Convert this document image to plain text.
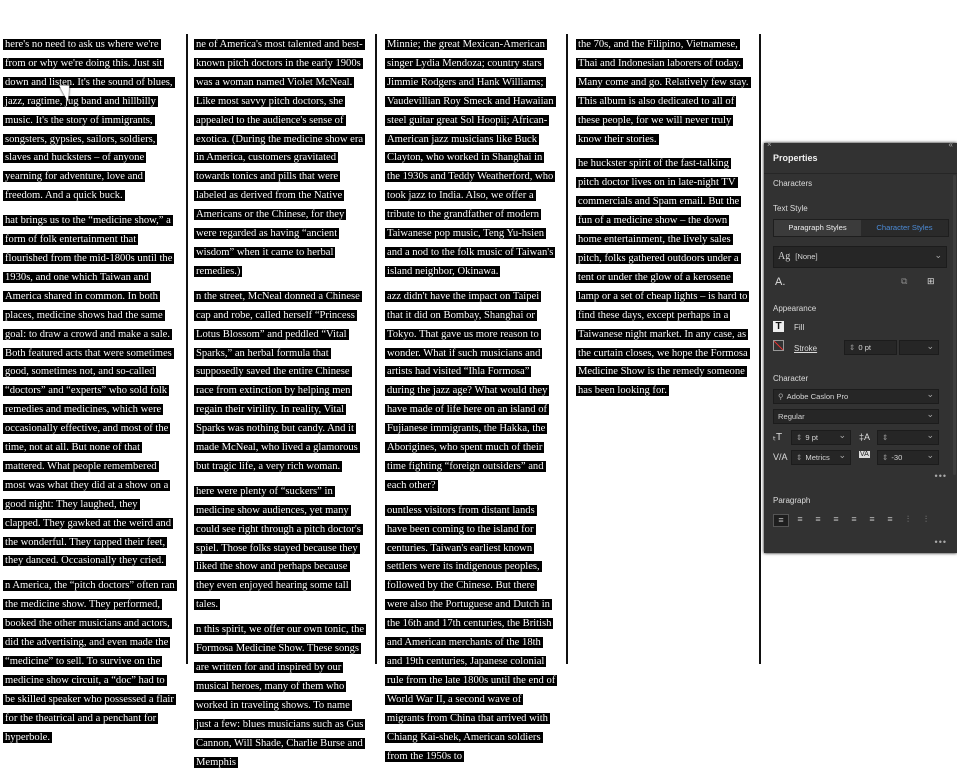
here's no need to ask us where we're from or why we're doing this. Just sit down and listen. It's the sound of blues, jazz, ragtime, jug band and hillbilly music. It's the story of immigrants, songsters, gypsies, sailors, soldiers, slaves and hucksters – of anyone yearning for adventure, love and freedom. And a quick buck.

hat brings us to the “medicine show,” a form of folk entertainment that flourished from the mid-1800s until the 1930s, and one which Taiwan and America shared in common. In both places, medicine shows had the same goal: to draw a crowd and make a sale. Both featured acts that were sometimes good, sometimes not, and so-called “doctors” and “experts” who sold folk remedies and medicines, which were occasionally effective, and most of the time, not at all. But none of that mattered. What people remembered most was what they did at a show on a good night: They laughed, they clapped. They gawked at the weird and the wonderful. They tapped their feet, they danced. Occasionally they cried.

n America, the “pitch doctors” often ran the medicine show. They performed, booked the other musicians and actors, did the advertising, and even made the “medicine” to sell. To survive on the medicine show circuit, a “doc” had to be skilled speaker who possessed a flair for the theatrical and a penchant for hyperbole.

ne of America's most talented and best-known pitch doctors in the early 1900s was a woman named Violet McNeal. Like most savvy pitch doctors, she appealed to the audience's sense of exotica. (During the medicine show era in America, customers gravitated towards tonics and pills that were labeled as derived from the Native Americans or the Chinese, for they were regarded as having “ancient wisdom” when it came to herbal remedies.)

n the street, McNeal donned a Chinese cap and robe, called herself “Princess Lotus Blossom” and peddled “Vital Sparks,” an herbal formula that supposedly saved the entire Chinese race from extinction by helping men regain their virility. In reality, Vital Sparks was nothing but candy. And it made McNeal, who lived a glamorous but tragic life, a very rich woman.

here were plenty of “suckers” in medicine show audiences, yet many could see right through a pitch doctor's spiel. Those folks stayed because they liked the show and perhaps because they even enjoyed hearing some tall tales.

n this spirit, we offer our own tonic, the Formosa Medicine Show. These songs are written for and inspired by our musical heroes, many of them who worked in traveling shows. To name just a few: blues musicians such as Gus Cannon, Will Shade, Charlie Burse and Memphis

Minnie; the great Mexican-American singer Lydia Mendoza; country stars Jimmie Rodgers and Hank Williams; Vaudevillian Roy Smeck and Hawaiian steel guitar great Sol Hoopii; African-American jazz musicians like Buck Clayton, who worked in Shanghai in the 1930s and Teddy Weatherford, who took jazz to India. Also, we offer a tribute to the grandfather of modern Taiwanese pop music, Teng Yu-hsien and a nod to the folk music of Taiwan's island neighbor, Okinawa.

azz didn't have the impact on Taipei that it did on Bombay, Shanghai or Tokyo. That gave us more reason to wonder. What if such musicians and artists had visited “Ihla Formosa” during the jazz age? What would they have made of life here on an island of Fujianese immigrants, the Hakka, the Aborigines, who spent much of their time fighting “foreign outsiders” and each other?

ountless visitors from distant lands have been coming to the island for centuries. Taiwan's earliest known settlers were its indigenous peoples, followed by the Chinese. But there were also the Portuguese and Dutch in the 16th and 17th centuries, the British and American merchants of the 18th and 19th centuries, Japanese colonial rule from the late 1800s until the end of World War II, a second wave of migrants from China that arrived with Chiang Kai-shek, American soldiers from the 1950s to

the 70s, and the Filipino, Vietnamese, Thai and Indonesian laborers of today. Many come and go. Relatively few stay. This album is also dedicated to all of these people, for we will never truly know their stories.

he huckster spirit of the fast-talking pitch doctor lives on in late-night TV commercials and Spam email. But the fun of a medicine show – the down home entertainment, the lively sales pitch, folks gathered outdoors under a tent or under the glow of a kerosene lamp or a set of cheap lights – is hard to find these days, except perhaps in a Taiwanese night market. In any case, as the curtain closes, we hope the Formosa Medicine Show is the remedy someone has been looking for.

×	«
Properties
Characters
Text Style
Paragraph Styles	Character Styles
Ag [None] ⌄
A.	⧉ ⊞
Appearance
T	Fill
Stroke	⇕ 0 pt
⌄
Character
⚲ Adobe Caslon Pro ⌄
Regular ⌄
ₜT	⇕ 9 pt ⌄	‡A	⇕ ⌄
V/A	⇕ Metrics ⌄	VA	⇕ -30 ⌄
•••
Paragraph
≡	≡	≡	≡	≡	≡	≡	⫶	⫶
•••
